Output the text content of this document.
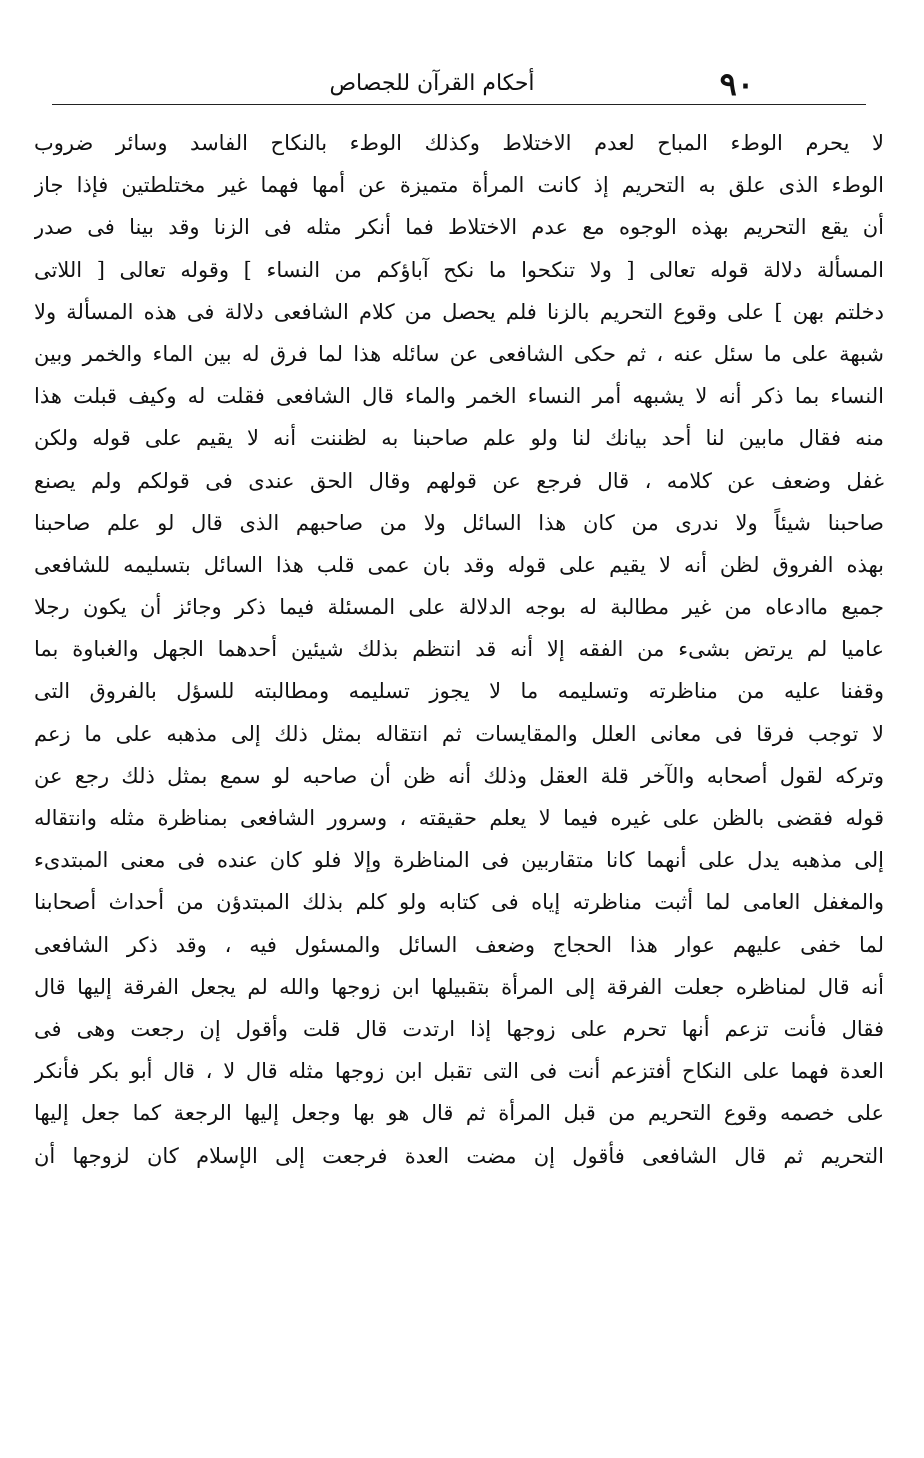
٩٠
أحكام القرآن للجصاص
لا يحرم الوطء المباح لعدم الاختلاط وكذلك الوطء بالنكاح الفاسد وسائر ضروب
الوطء الذى علق به التحريم إذ كانت المرأة متميزة عن أمها فهما غير مختلطتين فإذا جاز
أن يقع التحريم بهذه الوجوه مع عدم الاختلاط فما أنكر مثله فى الزنا وقد بينا فى صدر
المسألة دلالة قوله تعالى [ ولا تنكحوا ما نكح آباؤكم من النساء ] وقوله تعالى [ اللاتى
دخلتم بهن ] على وقوع التحريم بالزنا فلم يحصل من كلام الشافعى دلالة فى هذه المسألة ولا
شبهة على ما سئل عنه ، ثم حكى الشافعى عن سائله هذا لما فرق له بين الماء والخمر وبين
النساء بما ذكر أنه لا يشبهه أمر النساء الخمر والماء قال الشافعى فقلت له وكيف قبلت هذا
منه فقال مابين لنا أحد بيانك لنا ولو علم صاحبنا به لظننت أنه لا يقيم على قوله ولكن
غفل وضعف عن كلامه ، قال فرجع عن قولهم وقال الحق عندى فى قولكم ولم يصنع
صاحبنا شيئاً ولا ندرى من كان هذا السائل ولا من صاحبهم الذى قال لو علم صاحبنا
بهذه الفروق لظن أنه لا يقيم على قوله وقد بان عمى قلب هذا السائل بتسليمه للشافعى
جميع ماادعاه من غير مطالبة له بوجه الدلالة على المسئلة فيما ذكر وجائز أن يكون رجلا
عاميا لم يرتض بشىء من الفقه إلا أنه قد انتظم بذلك شيئين أحدهما الجهل والغباوة بما
وقفنا عليه من مناظرته وتسليمه ما لا يجوز تسليمه ومطالبته للسؤل بالفروق التى
لا توجب فرقا فى معانى العلل والمقايسات ثم انتقاله بمثل ذلك إلى مذهبه على ما زعم
وتركه لقول أصحابه والآخر قلة العقل وذلك أنه ظن أن صاحبه لو سمع بمثل ذلك رجع عن
قوله فقضى بالظن على غيره فيما لا يعلم حقيقته ، وسرور الشافعى بمناظرة مثله وانتقاله
إلى مذهبه يدل على أنهما كانا متقاربين فى المناظرة وإلا فلو كان عنده فى معنى المبتدىء
والمغفل العامى لما أثبت مناظرته إياه فى كتابه ولو كلم بذلك المبتدؤن من أحداث أصحابنا
لما خفى عليهم عوار هذا الحجاج وضعف السائل والمسئول فيه ، وقد ذكر الشافعى
أنه قال لمناظره جعلت الفرقة إلى المرأة بتقبيلها ابن زوجها والله لم يجعل الفرقة إليها قال
فقال فأنت تزعم أنها تحرم على زوجها إذا ارتدت قال قلت وأقول إن رجعت وهى فى
العدة فهما على النكاح أفتزعم أنت فى التى تقبل ابن زوجها مثله قال لا ، قال أبو بكر فأنكر
على خصمه وقوع التحريم من قبل المرأة ثم قال هو بها وجعل إليها الرجعة كما جعل إليها
التحريم ثم قال الشافعى فأقول إن مضت العدة فرجعت إلى الإسلام كان لزوجها أن
